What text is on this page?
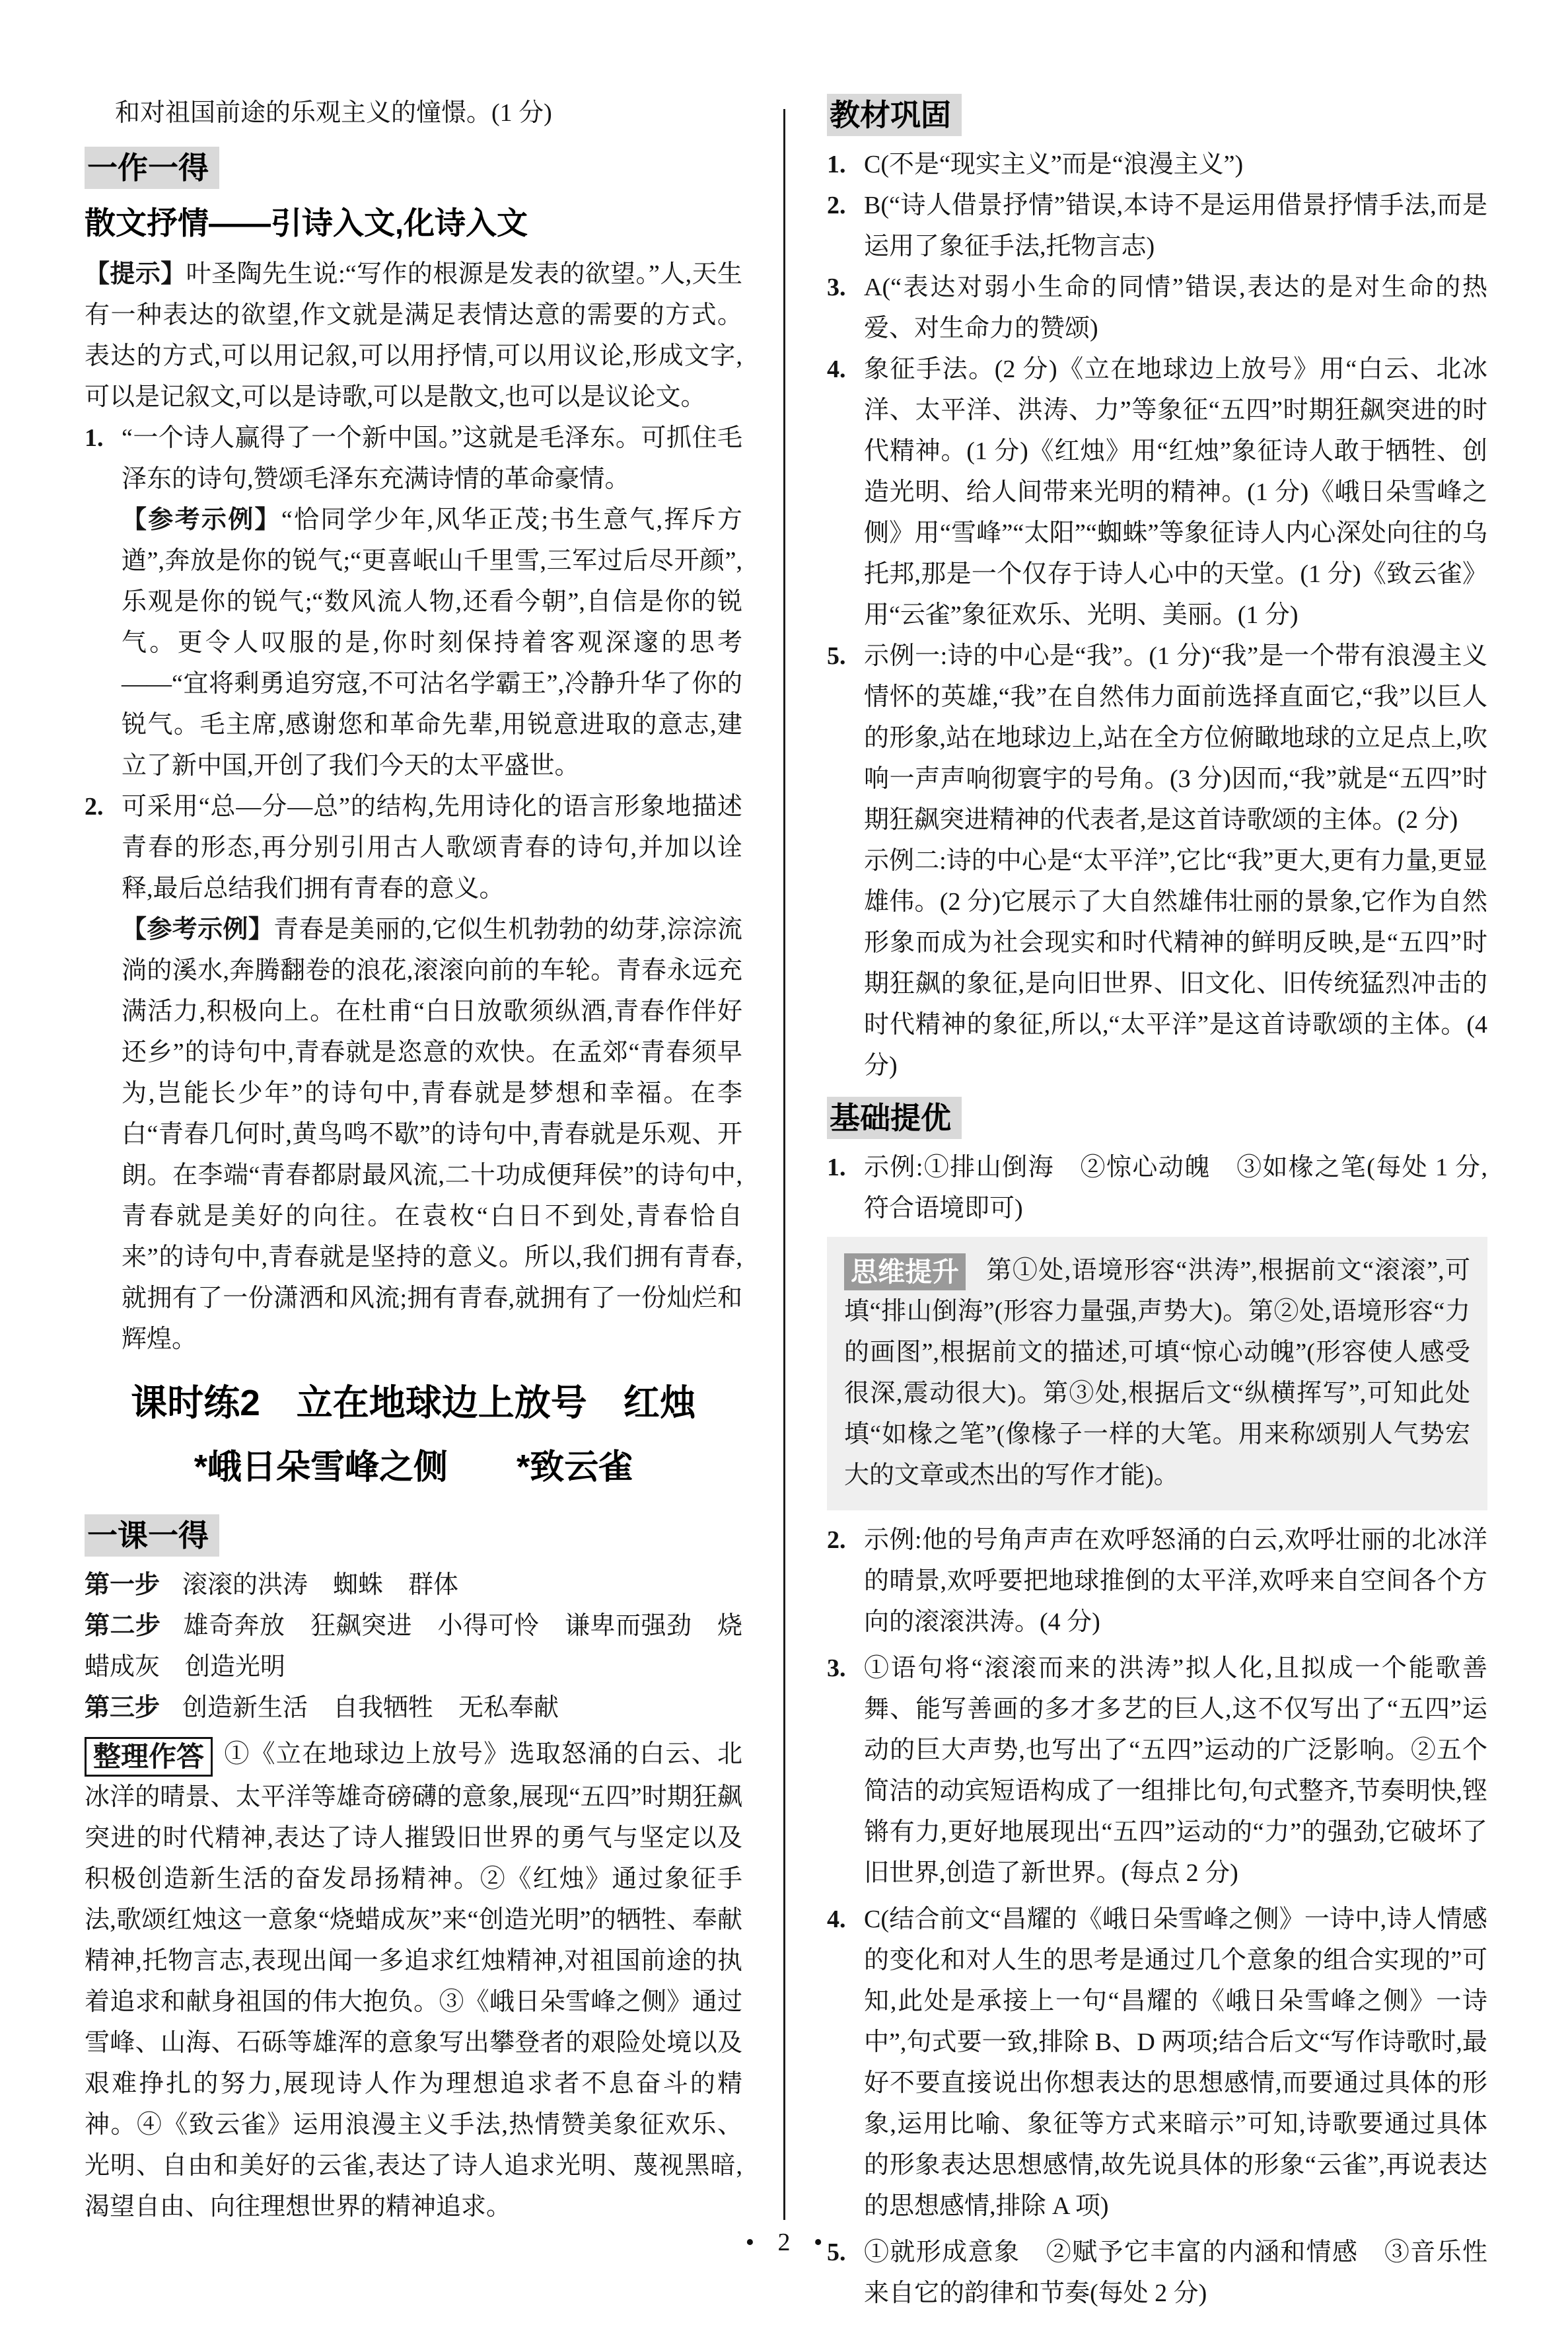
和对祖国前途的乐观主义的憧憬。(1 分)

一作一得
散文抒情——引诗入文,化诗入文

【提示】叶圣陶先生说:“写作的根源是发表的欲望。”人,天生有一种表达的欲望,作文就是满足表情达意的需要的方式。表达的方式,可以用记叙,可以用抒情,可以用议论,形成文字,可以是记叙文,可以是诗歌,可以是散文,也可以是议论文。

1. “一个诗人赢得了一个新中国。”这就是毛泽东。可抓住毛泽东的诗句,赞颂毛泽东充满诗情的革命豪情。

【参考示例】“恰同学少年,风华正茂;书生意气,挥斥方遒”,奔放是你的锐气;“更喜岷山千里雪,三军过后尽开颜”,乐观是你的锐气;“数风流人物,还看今朝”,自信是你的锐气。更令人叹服的是,你时刻保持着客观深邃的思考——“宜将剩勇追穷寇,不可沽名学霸王”,冷静升华了你的锐气。毛主席,感谢您和革命先辈,用锐意进取的意志,建立了新中国,开创了我们今天的太平盛世。

2. 可采用“总—分—总”的结构,先用诗化的语言形象地描述青春的形态,再分别引用古人歌颂青春的诗句,并加以诠释,最后总结我们拥有青春的意义。

【参考示例】青春是美丽的,它似生机勃勃的幼芽,淙淙流淌的溪水,奔腾翻卷的浪花,滚滚向前的车轮。青春永远充满活力,积极向上。在杜甫“白日放歌须纵酒,青春作伴好还乡”的诗句中,青春就是恣意的欢快。在孟郊“青春须早为,岂能长少年”的诗句中,青春就是梦想和幸福。在李白“青春几何时,黄鸟鸣不歇”的诗句中,青春就是乐观、开朗。在李端“青春都尉最风流,二十功成便拜侯”的诗句中,青春就是美好的向往。在袁枚“白日不到处,青春恰自来”的诗句中,青春就是坚持的意义。所以,我们拥有青春,就拥有了一份潇洒和风流;拥有青春,就拥有了一份灿烂和辉煌。

课时练2　立在地球边上放号　红烛
*峨日朵雪峰之侧　　*致云雀
一课一得
第一步 滚滚的洪涛　蜘蛛　群体
第二步 雄奇奔放　狂飙突进　小得可怜　谦卑而强劲　烧蜡成灰　创造光明
第三步 创造新生活　自我牺牲　无私奉献

整理作答 ①《立在地球边上放号》选取怒涌的白云、北冰洋的晴景、太平洋等雄奇磅礴的意象,展现“五四”时期狂飙突进的时代精神,表达了诗人摧毁旧世界的勇气与坚定以及积极创造新生活的奋发昂扬精神。②《红烛》通过象征手法,歌颂红烛这一意象“烧蜡成灰”来“创造光明”的牺牲、奉献精神,托物言志,表现出闻一多追求红烛精神,对祖国前途的执着追求和献身祖国的伟大抱负。③《峨日朵雪峰之侧》通过雪峰、山海、石砾等雄浑的意象写出攀登者的艰险处境以及艰难挣扎的努力,展现诗人作为理想追求者不息奋斗的精神。④《致云雀》运用浪漫主义手法,热情赞美象征欢乐、光明、自由和美好的云雀,表达了诗人追求光明、蔑视黑暗,渴望自由、向往理想世界的精神追求。

教材巩固
1. C(不是“现实主义”而是“浪漫主义”)

2. B(“诗人借景抒情”错误,本诗不是运用借景抒情手法,而是运用了象征手法,托物言志)

3. A(“表达对弱小生命的同情”错误,表达的是对生命的热爱、对生命力的赞颂)

4. 象征手法。(2 分)《立在地球边上放号》用“白云、北冰洋、太平洋、洪涛、力”等象征“五四”时期狂飙突进的时代精神。(1 分)《红烛》用“红烛”象征诗人敢于牺牲、创造光明、给人间带来光明的精神。(1 分)《峨日朵雪峰之侧》用“雪峰”“太阳”“蜘蛛”等象征诗人内心深处向往的乌托邦,那是一个仅存于诗人心中的天堂。(1 分)《致云雀》用“云雀”象征欢乐、光明、美丽。(1 分)

5. 示例一:诗的中心是“我”。(1 分)“我”是一个带有浪漫主义情怀的英雄,“我”在自然伟力面前选择直面它,“我”以巨人的形象,站在地球边上,站在全方位俯瞰地球的立足点上,吹响一声声响彻寰宇的号角。(3 分)因而,“我”就是“五四”时期狂飙突进精神的代表者,是这首诗歌颂的主体。(2 分)

示例二:诗的中心是“太平洋”,它比“我”更大,更有力量,更显雄伟。(2 分)它展示了大自然雄伟壮丽的景象,它作为自然形象而成为社会现实和时代精神的鲜明反映,是“五四”时期狂飙的象征,是向旧世界、旧文化、旧传统猛烈冲击的时代精神的象征,所以,“太平洋”是这首诗歌颂的主体。(4 分)

基础提优
1. 示例:①排山倒海　②惊心动魄　③如椽之笔(每处 1 分,符合语境即可)

思维提升 第①处,语境形容“洪涛”,根据前文“滚滚”,可填“排山倒海”(形容力量强,声势大)。第②处,语境形容“力的画图”,根据前文的描述,可填“惊心动魄”(形容使人感受很深,震动很大)。第③处,根据后文“纵横挥写”,可知此处填“如椽之笔”(像椽子一样的大笔。用来称颂别人气势宏大的文章或杰出的写作才能)。

2. 示例:他的号角声声在欢呼怒涌的白云,欢呼壮丽的北冰洋的晴景,欢呼要把地球推倒的太平洋,欢呼来自空间各个方向的滚滚洪涛。(4 分)

3. ①语句将“滚滚而来的洪涛”拟人化,且拟成一个能歌善舞、能写善画的多才多艺的巨人,这不仅写出了“五四”运动的巨大声势,也写出了“五四”运动的广泛影响。②五个简洁的动宾短语构成了一组排比句,句式整齐,节奏明快,铿锵有力,更好地展现出“五四”运动的“力”的强劲,它破坏了旧世界,创造了新世界。(每点 2 分)

4. C(结合前文“昌耀的《峨日朵雪峰之侧》一诗中,诗人情感的变化和对人生的思考是通过几个意象的组合实现的”可知,此处是承接上一句“昌耀的《峨日朵雪峰之侧》一诗中”,句式要一致,排除 B、D 两项;结合后文“写作诗歌时,最好不要直接说出你想表达的思想感情,而要通过具体的形象,运用比喻、象征等方式来暗示”可知,诗歌要通过具体的形象表达思想感情,故先说具体的形象“云雀”,再说表达的思想感情,排除 A 项)

5. ①就形成意象　②赋予它丰富的内涵和情感　③音乐性来自它的韵律和节奏(每处 2 分)

• 2 •
